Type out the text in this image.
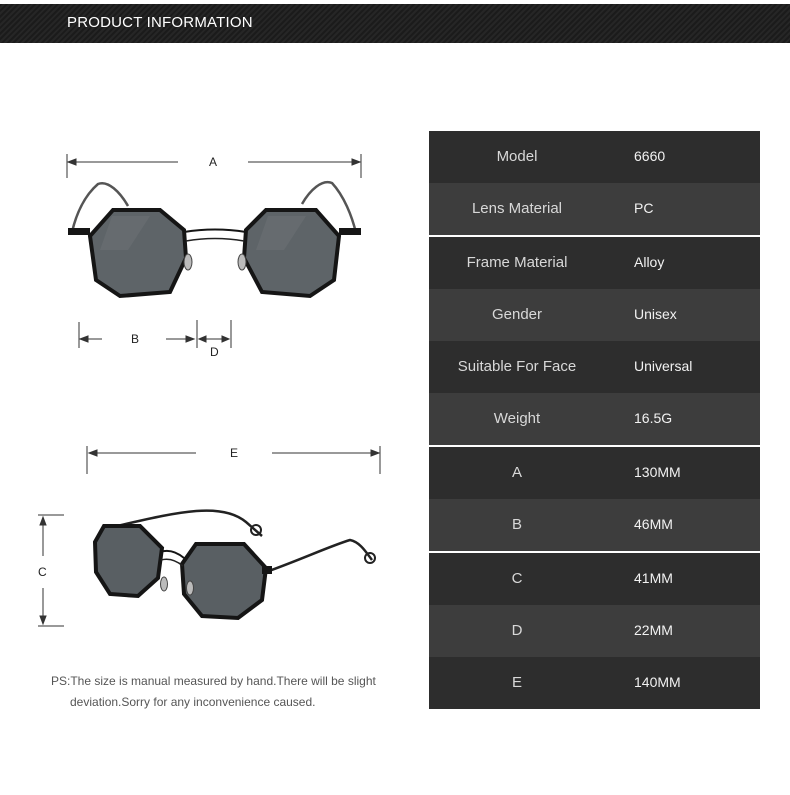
PRODUCT INFORMATION
A
B
D
E
C
PS:The size is manual measured by hand.There will be slight
deviation.Sorry for any inconvenience caused.
Model	6660
Lens Material	PC
Frame Material	Alloy
Gender	Unisex
Suitable For Face	Universal
Weight	16.5G
A	130MM
B	46MM
C	41MM
D	22MM
E	140MM
